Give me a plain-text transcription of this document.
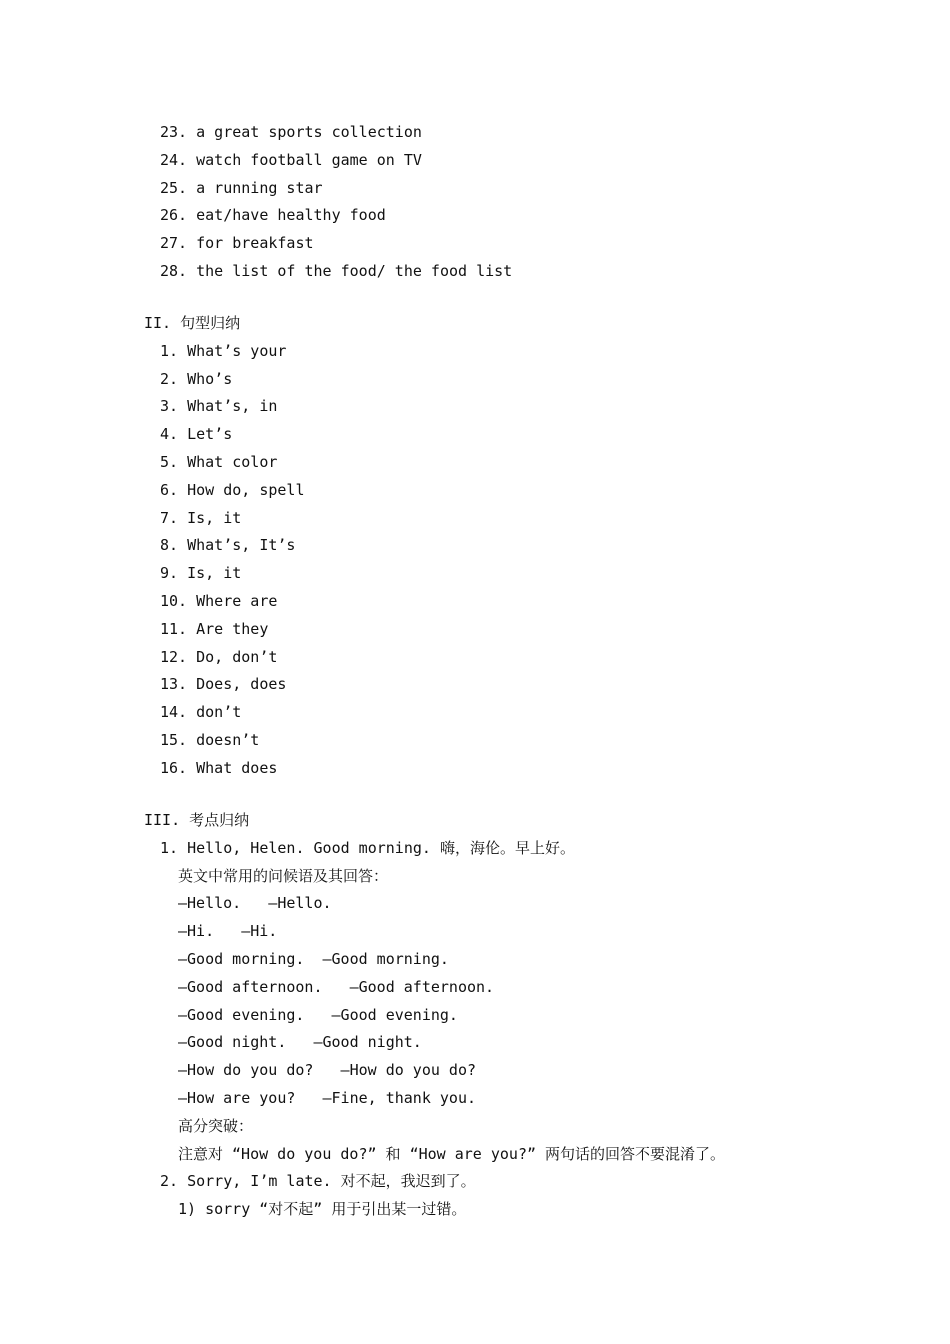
23. a great sports collection
24. watch football game on TV
25. a running star
26. eat/have healthy food
27. for breakfast
28. the list of the food/ the food list
II. 句型归纳
1. What’s your
2. Who’s
3. What’s, in
4. Let’s
5. What color
6. How do, spell
7. Is, it
8. What’s, It’s
9. Is, it
10. Where are
11. Are they
12. Do, don’t
13. Does, does
14. don’t
15. doesn’t
16. What does
III. 考点归纳
1. Hello, Helen. Good morning. 嗨，海伦。早上好。
英文中常用的问候语及其回答：
—Hello.   —Hello.
—Hi.   —Hi.
—Good morning.  —Good morning.
—Good afternoon.   —Good afternoon.
—Good evening.   —Good evening.
—Good night.   —Good night.
—How do you do?   —How do you do?
—How are you?   —Fine, thank you.
高分突破：
注意对 “How do you do?” 和 “How are you?” 两句话的回答不要混淆了。
2. Sorry, I’m late. 对不起，我迟到了。
1) sorry “对不起” 用于引出某一过错。
